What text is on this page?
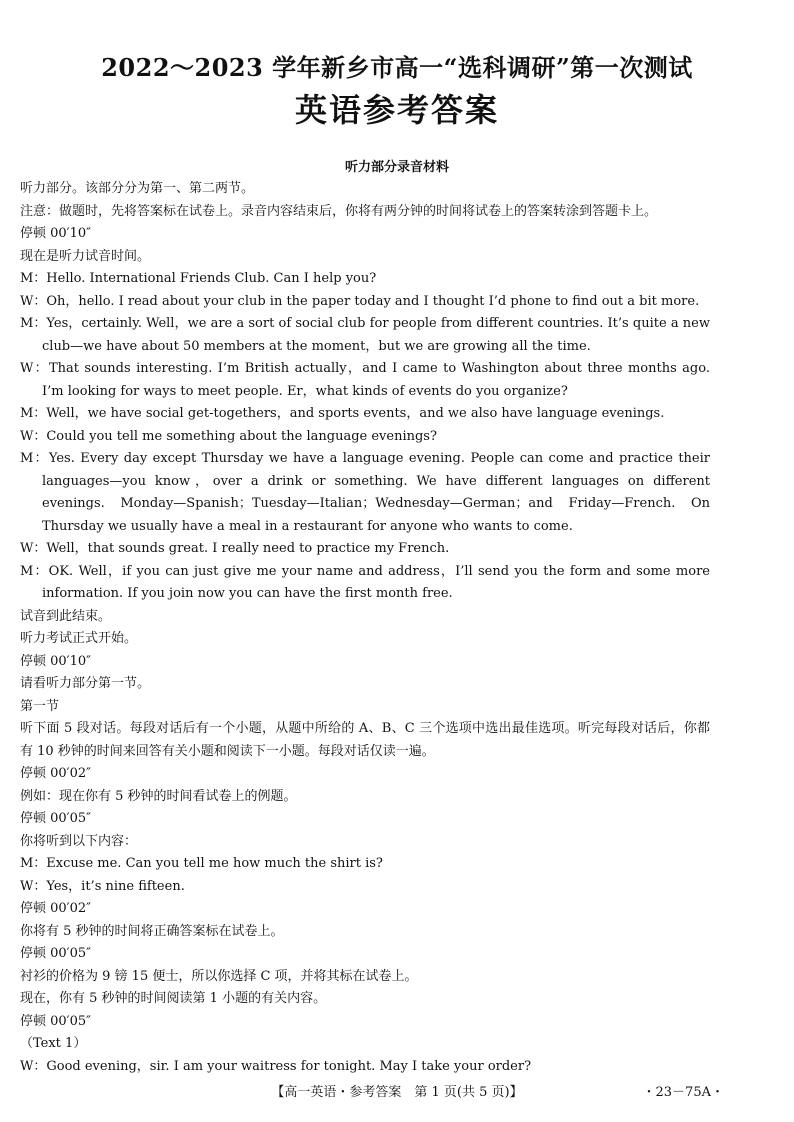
2022～2023 学年新乡市高一“选科调研”第一次测试
英语参考答案
听力部分录音材料

听力部分。该部分分为第一、第二两节。

注意：做题时，先将答案标在试卷上。录音内容结束后，你将有两分钟的时间将试卷上的答案转涂到答题卡上。

停顿 00′10″

现在是听力试音时间。

M：Hello. International Friends Club. Can I help you?

W：Oh，hello. I read about your club in the paper today and I thought I’d phone to find out a bit more.

M：Yes，certainly. Well，we are a sort of social club for people from different countries. It’s quite a new club—we have about 50 members at the moment，but we are growing all the time.

W：That sounds interesting. I’m British actually，and I came to Washington about three months ago. I’m looking for ways to meet people. Er，what kinds of events do you organize?

M：Well，we have social get-togethers，and sports events，and we also have language evenings.

W：Could you tell me something about the language evenings?

M：Yes. Every day except Thursday we have a language evening. People can come and practice their languages—you know，over a drink or something. We have different languages on different evenings. Monday—Spanish；Tuesday—Italian；Wednesday—German；and Friday—French. On Thursday we usually have a meal in a restaurant for anyone who wants to come.

W：Well，that sounds great. I really need to practice my French.

M：OK. Well，if you can just give me your name and address，I’ll send you the form and some more information. If you join now you can have the first month free.

试音到此结束。

听力考试正式开始。

停顿 00′10″

请看听力部分第一节。

第一节

听下面 5 段对话。每段对话后有一个小题，从题中所给的 A、B、C 三个选项中选出最佳选项。听完每段对话后，你都有 10 秒钟的时间来回答有关小题和阅读下一小题。每段对话仅读一遍。

停顿 00′02″

例如：现在你有 5 秒钟的时间看试卷上的例题。

停顿 00′05″

你将听到以下内容：

M：Excuse me. Can you tell me how much the shirt is?

W：Yes，it’s nine fifteen.

停顿 00′02″

你将有 5 秒钟的时间将正确答案标在试卷上。

停顿 00′05″

衬衫的价格为 9 镑 15 便士，所以你选择 C 项，并将其标在试卷上。

现在，你有 5 秒钟的时间阅读第 1 小题的有关内容。

停顿 00′05″

（Text 1）

W：Good evening，sir. I am your waitress for tonight. May I take your order?

【高一英语・参考答案　第 1 页(共 5 页)】	・23－75A・
